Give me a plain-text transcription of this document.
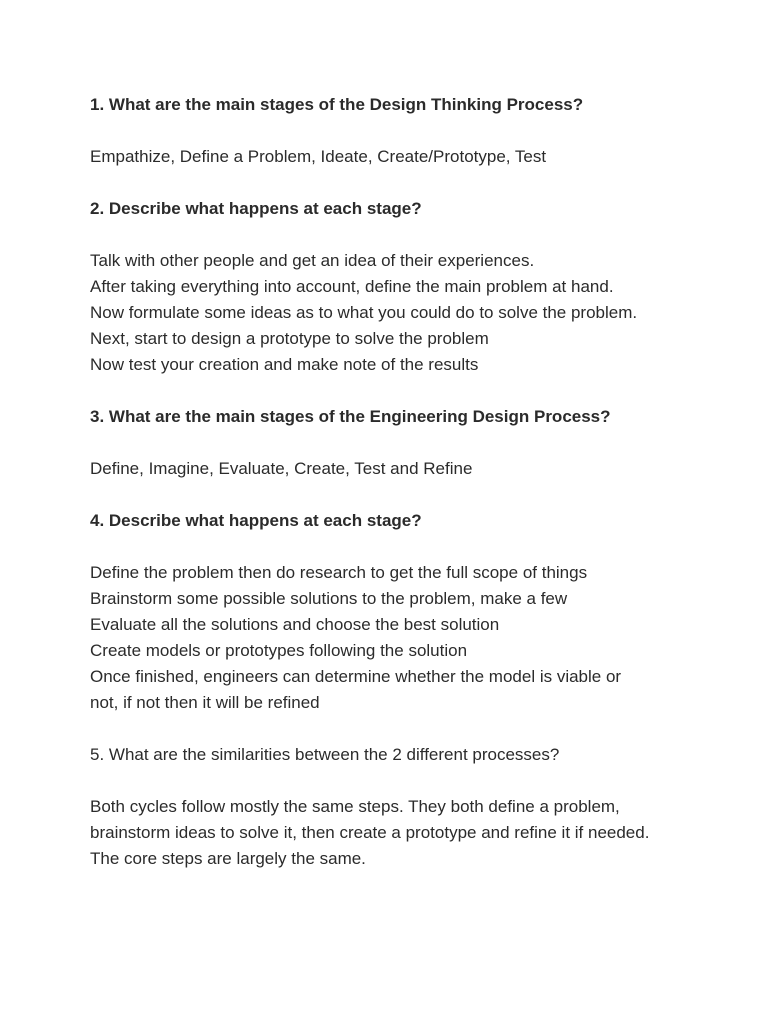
1. What are the main stages of the Design Thinking Process?

Empathize, Define a Problem, Ideate, Create/Prototype, Test

2. Describe what happens at each stage?

Talk with other people and get an idea of their experiences.
After taking everything into account, define the main problem at hand.
Now formulate some ideas as to what you could do to solve the problem.
Next, start to design a prototype to solve the problem
Now test your creation and make note of the results

3. What are the main stages of the Engineering Design Process?

Define, Imagine, Evaluate, Create, Test and Refine

4. Describe what happens at each stage?

Define the problem then do research to get the full scope of things
Brainstorm some possible solutions to the problem, make a few
Evaluate all the solutions and choose the best solution
Create models or prototypes following the solution
Once finished, engineers can determine whether the model is viable or
not, if not then it will be refined

5. What are the similarities between the 2 different processes?

Both cycles follow mostly the same steps. They both define a problem,
brainstorm ideas to solve it, then create a prototype and refine it if needed.
The core steps are largely the same.
